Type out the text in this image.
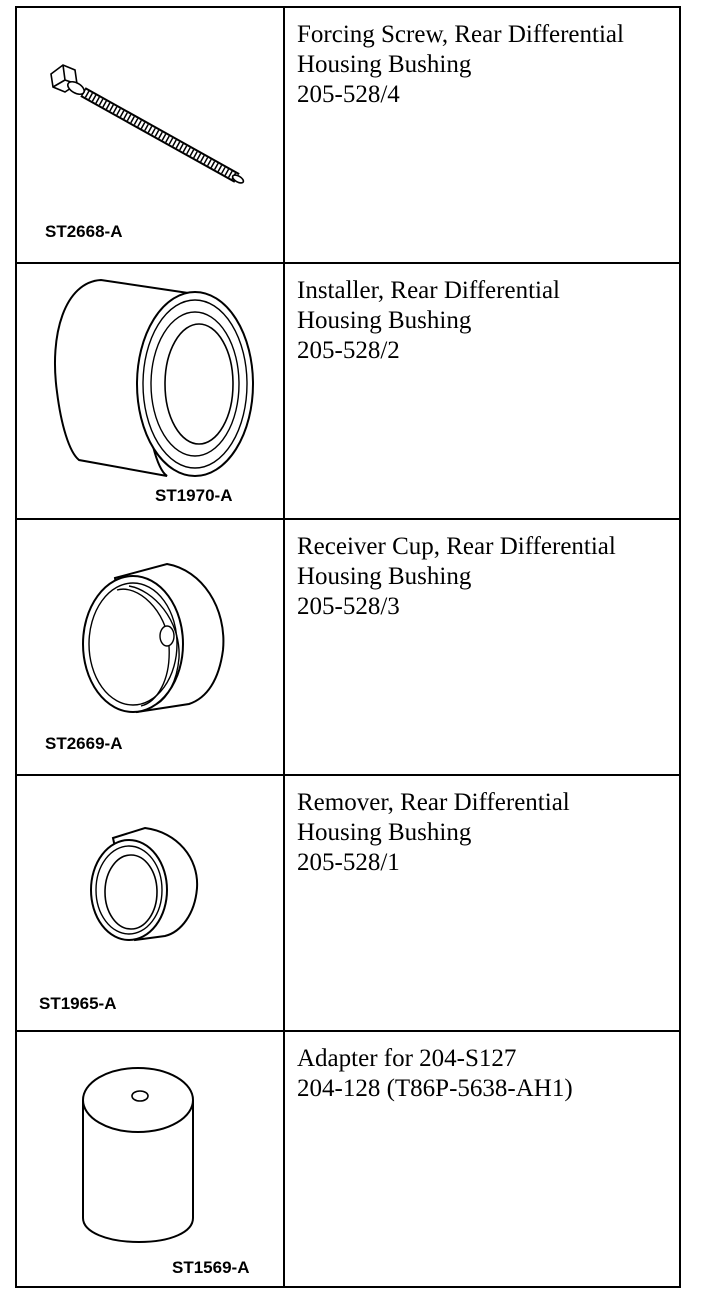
ST2668-A	Forcing Screw, Rear Differential
Housing Bushing
205-528/4

ST1970-A	Installer, Rear Differential
Housing Bushing
205-528/2

ST2669-A	Receiver Cup, Rear Differential
Housing Bushing
205-528/3

ST1965-A	Remover, Rear Differential
Housing Bushing
205-528/1

ST1569-A	Adapter for 204-S127
204-128 (T86P-5638-AH1)
